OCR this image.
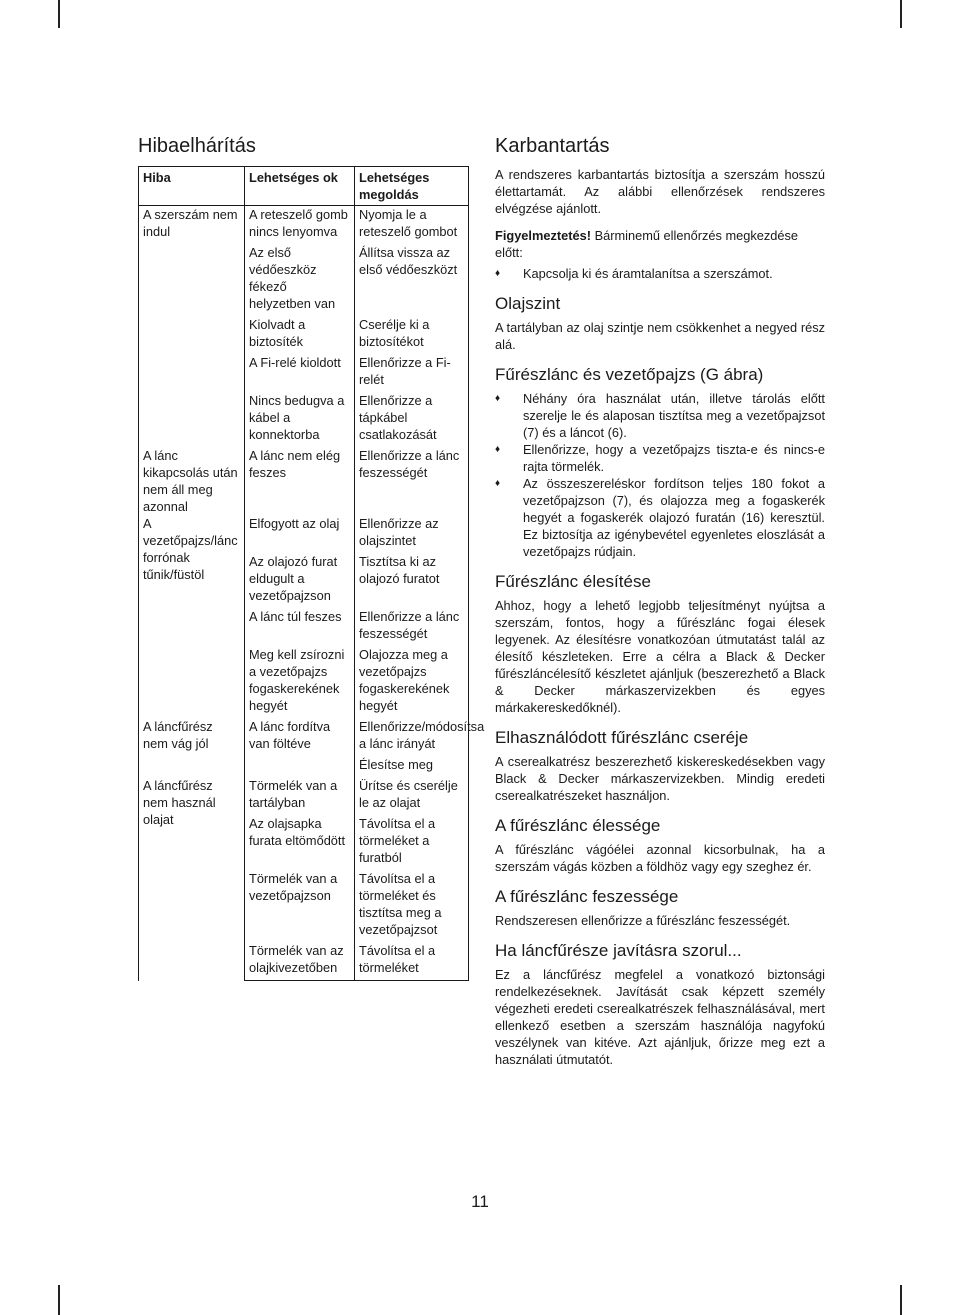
Hibaelhárítás
Hiba	Lehetséges ok	Lehetséges megoldás
A szerszám nem indul	A reteszelő gomb nincs lenyomva	Nyomja le a reteszelő gombot
	Az első védőeszköz fékező helyzetben van	Állítsa vissza az első védőeszközt
	Kiolvadt a biztosíték	Cserélje ki a biztosítékot
	A Fi-relé kioldott	Ellenőrizze a Fi-relét
	Nincs bedugva a kábel a konnektorba	Ellenőrizze a tápkábel csatlakozását
A lánc kikapcsolás után nem áll meg azonnal	A lánc nem elég feszes	Ellenőrizze a lánc feszességét
A vezetőpajzs/lánc forrónak tűnik/füstöl	Elfogyott az olaj	Ellenőrizze az olajszintet
	Az olajozó furat eldugult a vezetőpajzson	Tisztítsa ki az olajozó furatot
	A lánc túl feszes	Ellenőrizze a lánc feszességét
	Meg kell zsírozni a vezetőpajzs fogaskerekének hegyét	Olajozza meg a vezetőpajzs fogaskerekének hegyét
A láncfűrész nem vág jól	A lánc fordítva van föltéve	Ellenőrizze/módosítsa a lánc irányát
		Élesítse meg
A láncfűrész nem használ olajat	Törmelék van a tartályban	Ürítse és cserélje le az olajat
	Az olajsapka furata eltömődött	Távolítsa el a törmeléket a furatból
	Törmelék van a vezetőpajzson	Távolítsa el a törmeléket és tisztítsa meg a vezetőpajzsot
	Törmelék van az olajkivezetőben	Távolítsa el a törmeléket
Karbantartás

A rendszeres karbantartás biztosítja a szerszám hosszú élettartamát. Az alábbi ellenőrzések rendszeres elvégzése ajánlott.

Figyelmeztetés! Bárminemű ellenőrzés megkezdése előtt:

♦ Kapcsolja ki és áramtalanítsa a szerszámot.
Olajszint

A tartályban az olaj szintje nem csökkenhet a negyed rész alá.

Fűrészlánc és vezetőpajzs (G ábra)
♦ Néhány óra használat után, illetve tárolás előtt szerelje le és alaposan tisztítsa meg a vezetőpajzsot (7) és a láncot (6).
♦ Ellenőrizze, hogy a vezetőpajzs tiszta-e és nincs-e rajta törmelék.
♦ Az összeszereléskor fordítson teljes 180 fokot a vezetőpajzson (7), és olajozza meg a fogaskerék hegyét a fogaskerék olajozó furatán (16) keresztül. Ez biztosítja az igénybevétel egyenletes eloszlását a vezetőpajzs rúdjain.
Fűrészlánc élesítése

Ahhoz, hogy a lehető legjobb teljesítményt nyújtsa a szerszám, fontos, hogy a fűrészlánc fogai élesek legyenek. Az élesítésre vonatkozóan útmutatást talál az élesítő készleteken. Erre a célra a Black & Decker fűrészláncélesítő készletet ajánljuk (beszerezhető a Black & Decker márkaszervizekben és egyes márkakereskedőknél).

Elhasználódott fűrészlánc cseréje

A cserealkatrész beszerezhető kiskereskedésekben vagy Black & Decker márkaszervizekben. Mindig eredeti cserealkatrészeket használjon.

A fűrészlánc élessége

A fűrészlánc vágóélei azonnal kicsorbulnak, ha a szerszám vágás közben a földhöz vagy egy szeghez ér.

A fűrészlánc feszessége

Rendszeresen ellenőrizze a fűrészlánc feszességét.

Ha láncfűrésze javításra szorul...

Ez a láncfűrész megfelel a vonatkozó biztonsági rendelkezéseknek. Javítását csak képzett személy végezheti eredeti cserealkatrészek felhasználásával, mert ellenkező esetben a szerszám használója nagyfokú veszélynek van kitéve. Azt ajánljuk, őrizze meg ezt a használati útmutatót.

11
